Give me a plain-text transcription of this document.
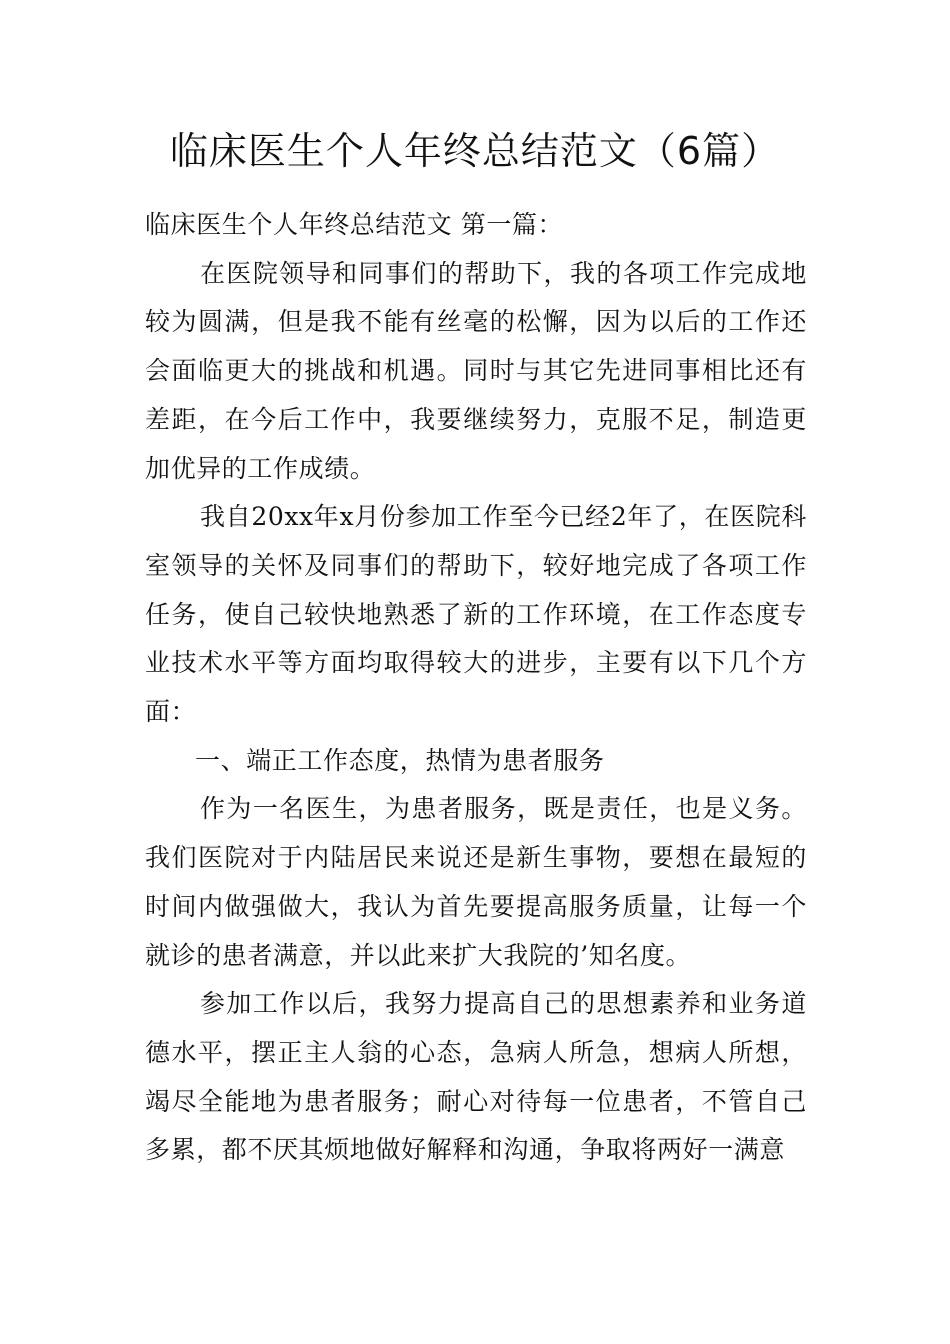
临床医生个人年终总结范文（6篇）

临床医生个人年终总结范文 第一篇：

在医院领导和同事们的帮助下，我的各项工作完成地较为圆满，但是我不能有丝毫的松懈，因为以后的工作还会面临更大的挑战和机遇。同时与其它先进同事相比还有差距，在今后工作中，我要继续努力，克服不足，制造更加优异的工作成绩。

我自20xx年x月份参加工作至今已经2年了，在医院科室领导的关怀及同事们的帮助下，较好地完成了各项工作任务，使自己较快地熟悉了新的工作环境，在工作态度专业技术水平等方面均取得较大的进步，主要有以下几个方面：

一、端正工作态度，热情为患者服务

作为一名医生，为患者服务，既是责任，也是义务。我们医院对于内陆居民来说还是新生事物，要想在最短的时间内做强做大，我认为首先要提高服务质量，让每一个就诊的患者满意，并以此来扩大我院的’知名度。

参加工作以后，我努力提高自己的思想素养和业务道德水平，摆正主人翁的心态，急病人所急，想病人所想，竭尽全能地为患者服务；耐心对待每一位患者，不管自己多累，都不厌其烦地做好解释和沟通，争取将两好一满意
